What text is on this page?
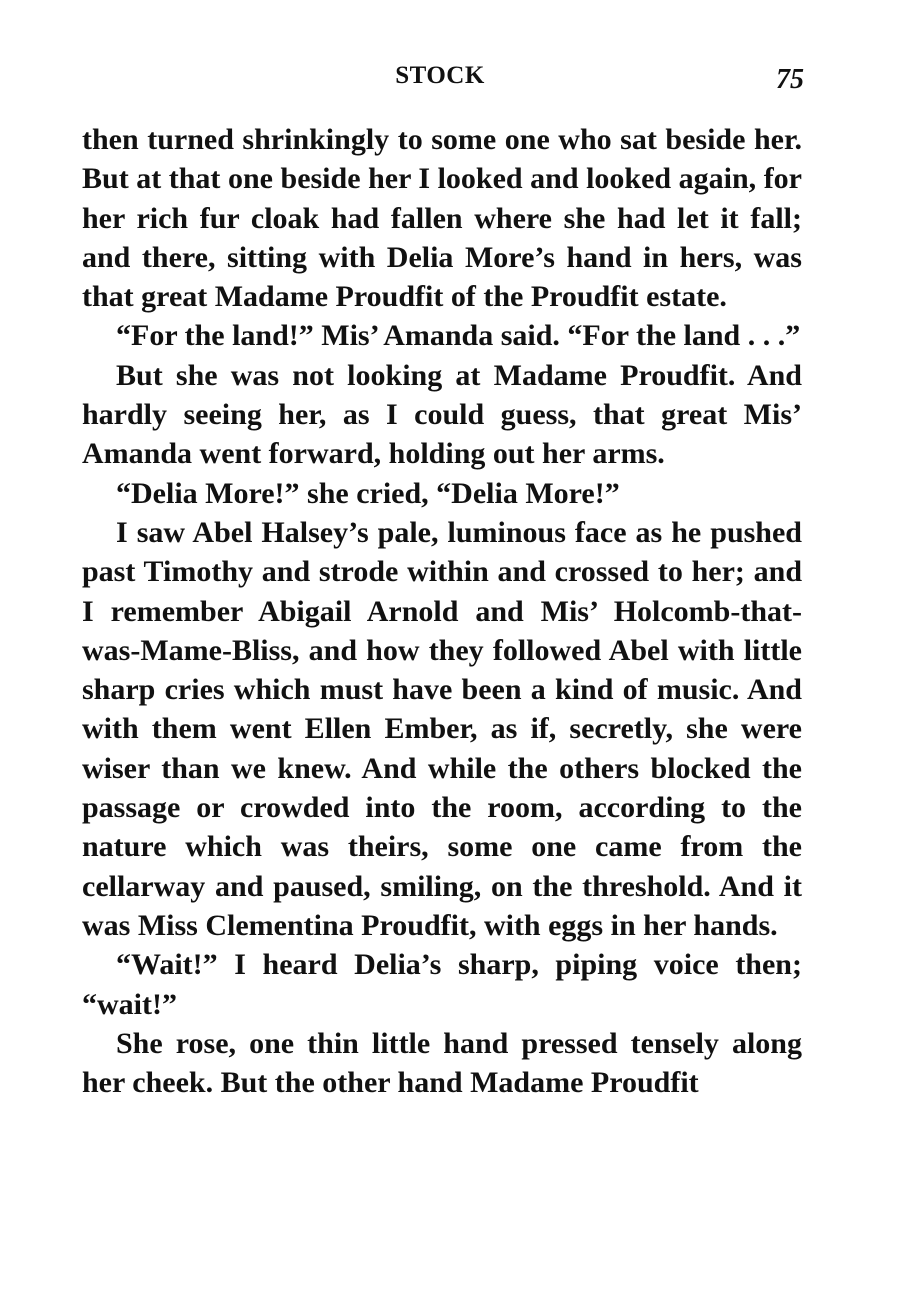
STOCK	75

then turned shrinkingly to some one who sat beside her. But at that one beside her I looked and looked again, for her rich fur cloak had fallen where she had let it fall; and there, sitting with Delia More’s hand in hers, was that great Madame Proudfit of the Proudfit estate.

“For the land!” Mis’ Amanda said. “For the land . . .”

But she was not looking at Madame Proudfit. And hardly seeing her, as I could guess, that great Mis’ Amanda went forward, holding out her arms.

“Delia More!” she cried, “Delia More!”

I saw Abel Halsey’s pale, luminous face as he pushed past Timothy and strode within and crossed to her; and I remember Abigail Arnold and Mis’ Holcomb-that-was-Mame-Bliss, and how they followed Abel with little sharp cries which must have been a kind of music. And with them went Ellen Ember, as if, secretly, she were wiser than we knew. And while the others blocked the passage or crowded into the room, according to the nature which was theirs, some one came from the cellarway and paused, smiling, on the threshold. And it was Miss Clementina Proudfit, with eggs in her hands.

“Wait!” I heard Delia’s sharp, piping voice then; “wait!”

She rose, one thin little hand pressed tensely along her cheek. But the other hand Madame Proudfit
